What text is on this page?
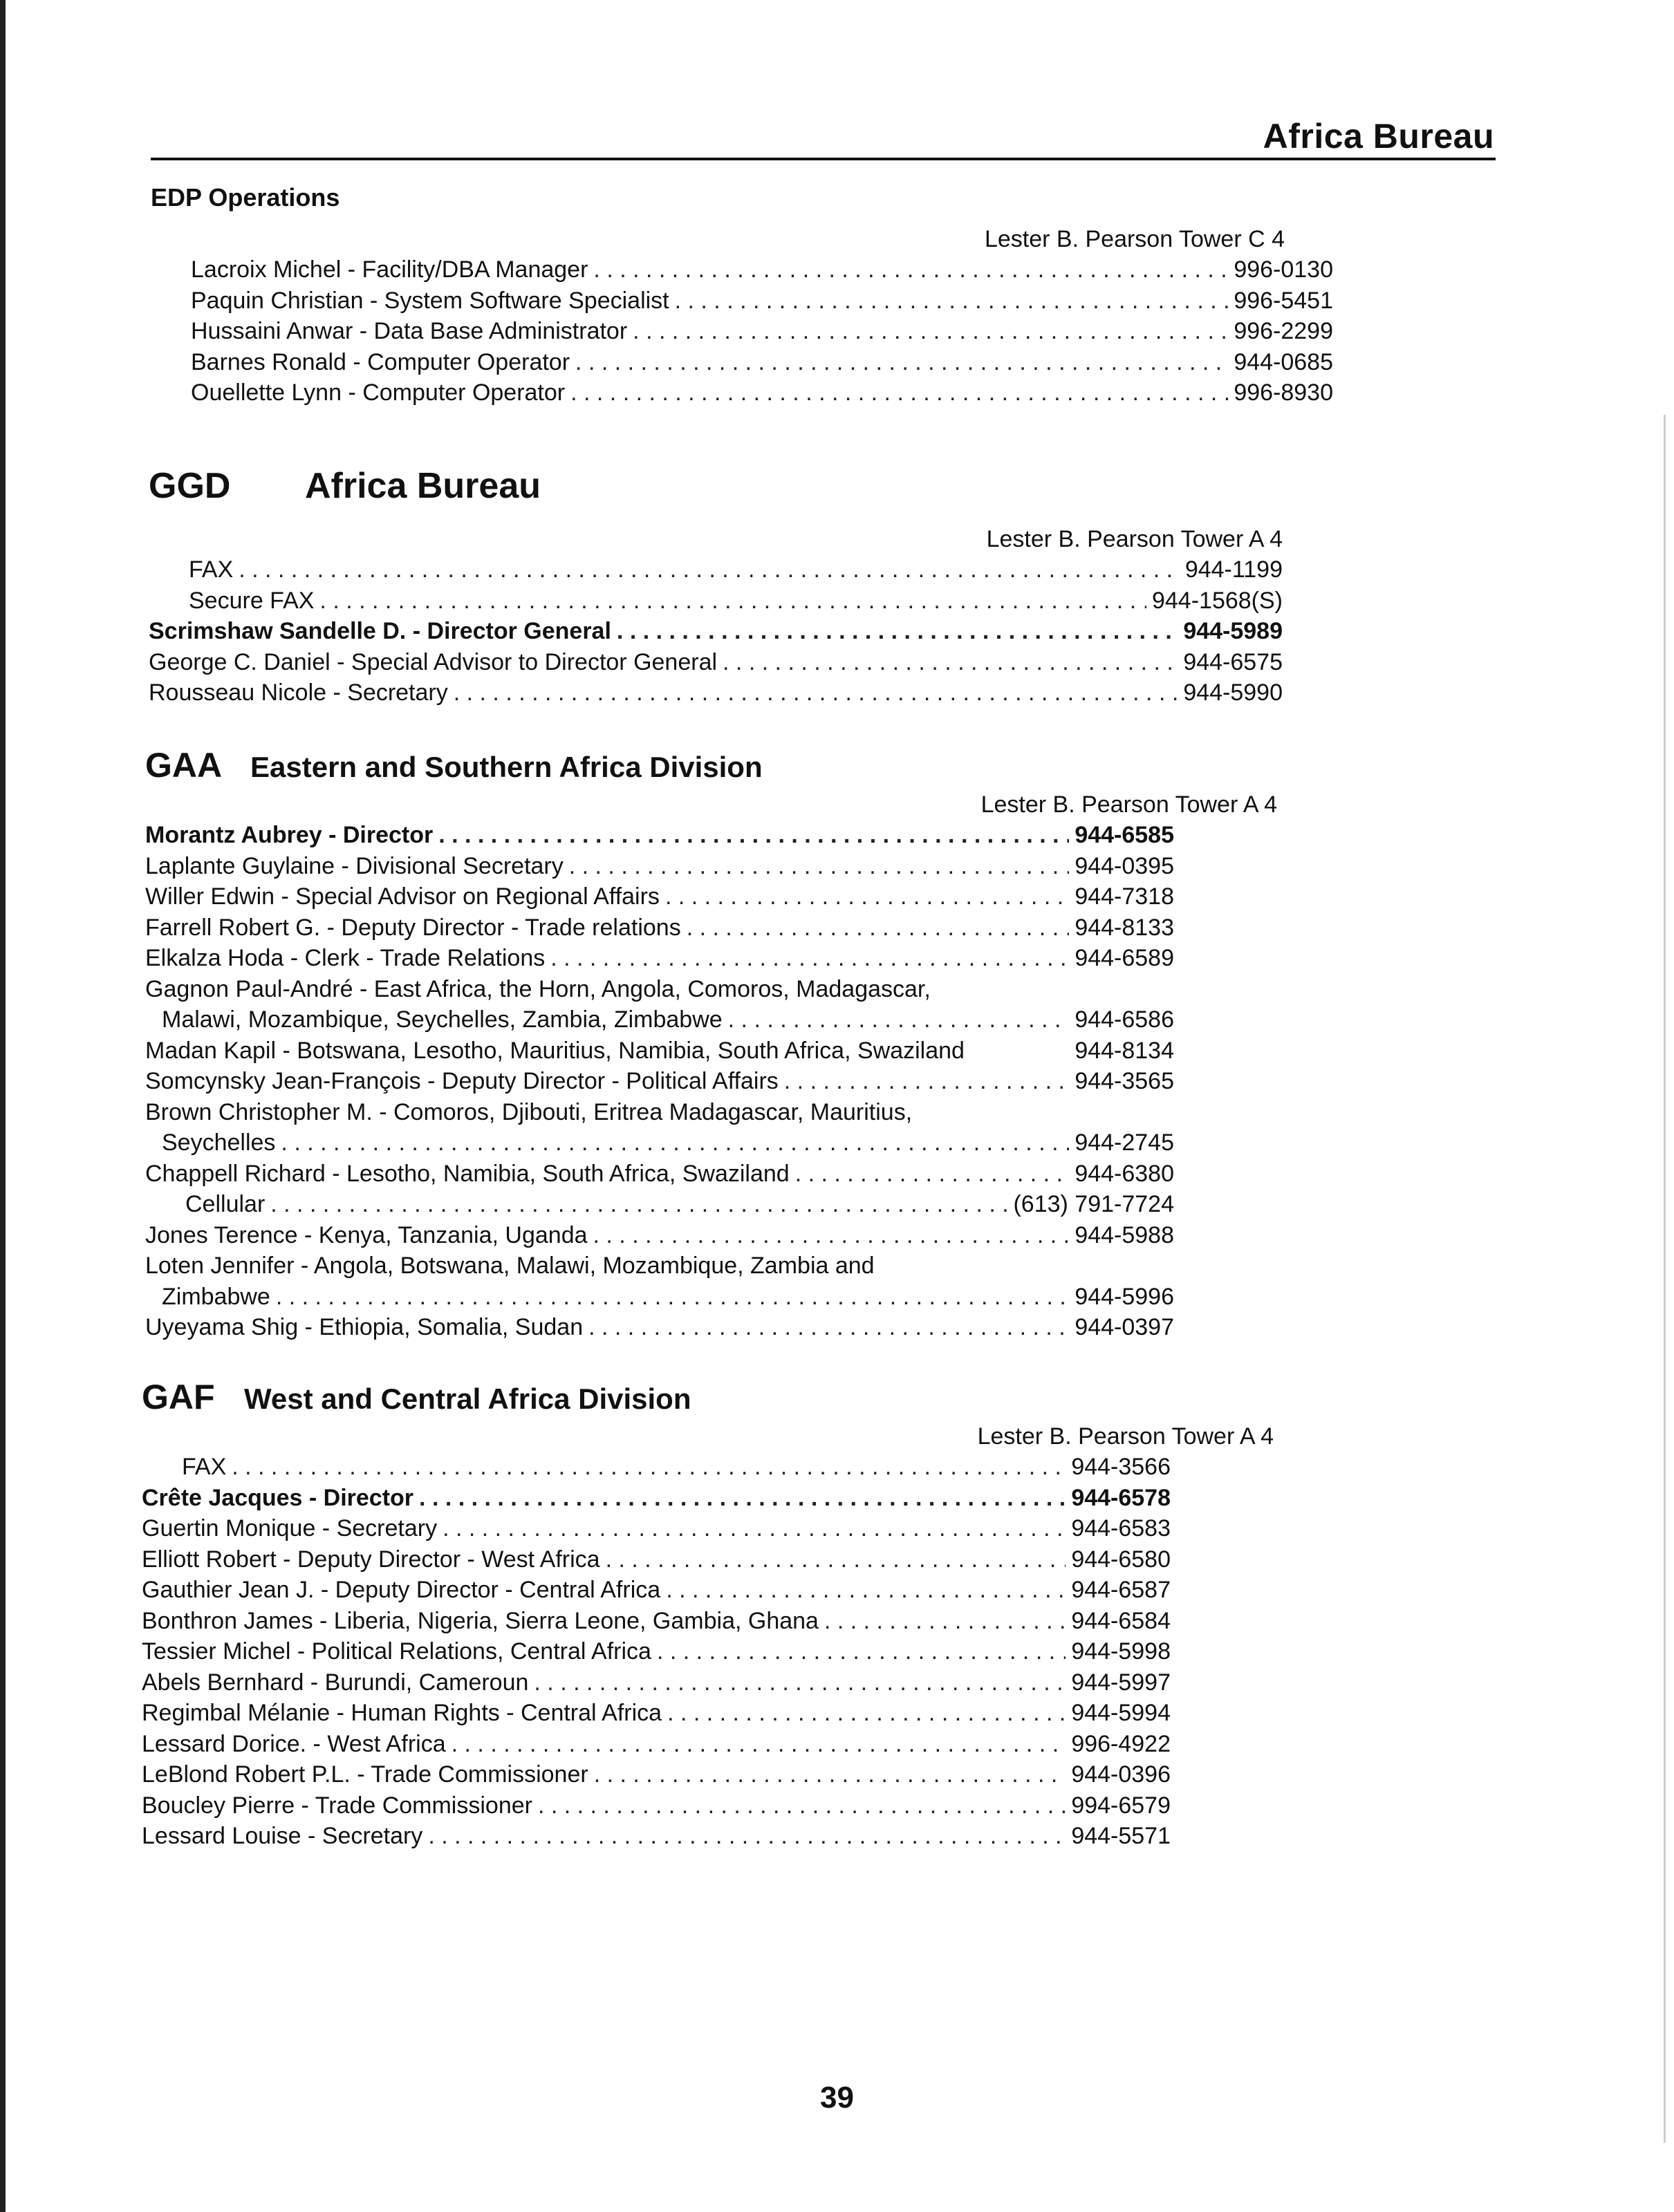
Africa Bureau
EDP Operations
Lester B. Pearson Tower C 4
Lacroix Michel - Facility/DBA Manager . . .	996-0130
Paquin Christian - System Software Specialist . . .	996-5451
Hussaini Anwar - Data Base Administrator . . .	996-2299
Barnes Ronald - Computer Operator . . .	944-0685
Ouellette Lynn - Computer Operator . . .	996-8930
GGD	Africa Bureau
Lester B. Pearson Tower A 4
FAX . . .	944-1199
Secure FAX . . .	944-1568(S)
Scrimshaw Sandelle D. - Director General . . .	944-5989
George C. Daniel - Special Advisor to Director General . . .	944-6575
Rousseau Nicole - Secretary . . .	944-5990
GAA Eastern and Southern Africa Division
Lester B. Pearson Tower A 4
Morantz Aubrey - Director . . .	944-6585
Laplante Guylaine - Divisional Secretary . . .	944-0395
Willer Edwin - Special Advisor on Regional Affairs . . .	944-7318
Farrell Robert G. - Deputy Director - Trade relations . . .	944-8133
Elkalza Hoda - Clerk - Trade Relations . . .	944-6589
Gagnon Paul-André - East Africa, the Horn, Angola, Comoros, Madagascar,
Malawi, Mozambique, Seychelles, Zambia, Zimbabwe . . .	944-6586
Madan Kapil - Botswana, Lesotho, Mauritius, Namibia, South Africa, Swaziland	944-8134
Somcynsky Jean-François - Deputy Director - Political Affairs . . .	944-3565
Brown Christopher M. - Comoros, Djibouti, Eritrea Madagascar, Mauritius,
Seychelles . . .	944-2745
Chappell Richard - Lesotho, Namibia, South Africa, Swaziland . . .	944-6380
Cellular . . .	(613) 791-7724
Jones Terence - Kenya, Tanzania, Uganda . . .	944-5988
Loten Jennifer - Angola, Botswana, Malawi, Mozambique, Zambia and
Zimbabwe . . .	944-5996
Uyeyama Shig - Ethiopia, Somalia, Sudan . . .	944-0397
GAF	West and Central Africa Division
Lester B. Pearson Tower A 4
FAX . . .	944-3566
Crête Jacques - Director . . .	944-6578
Guertin Monique - Secretary . . .	944-6583
Elliott Robert - Deputy Director - West Africa . . .	944-6580
Gauthier Jean J. - Deputy Director - Central Africa . . .	944-6587
Bonthron James - Liberia, Nigeria, Sierra Leone, Gambia, Ghana . . .	944-6584
Tessier Michel - Political Relations, Central Africa . . .	944-5998
Abels Bernhard - Burundi, Cameroun . . .	944-5997
Regimbal Mélanie - Human Rights - Central Africa . . .	944-5994
Lessard Dorice. - West Africa . . .	996-4922
LeBlond Robert P.L. - Trade Commissioner . . .	944-0396
Boucley Pierre - Trade Commissioner . . .	994-6579
Lessard Louise - Secretary . . .	944-5571
39
